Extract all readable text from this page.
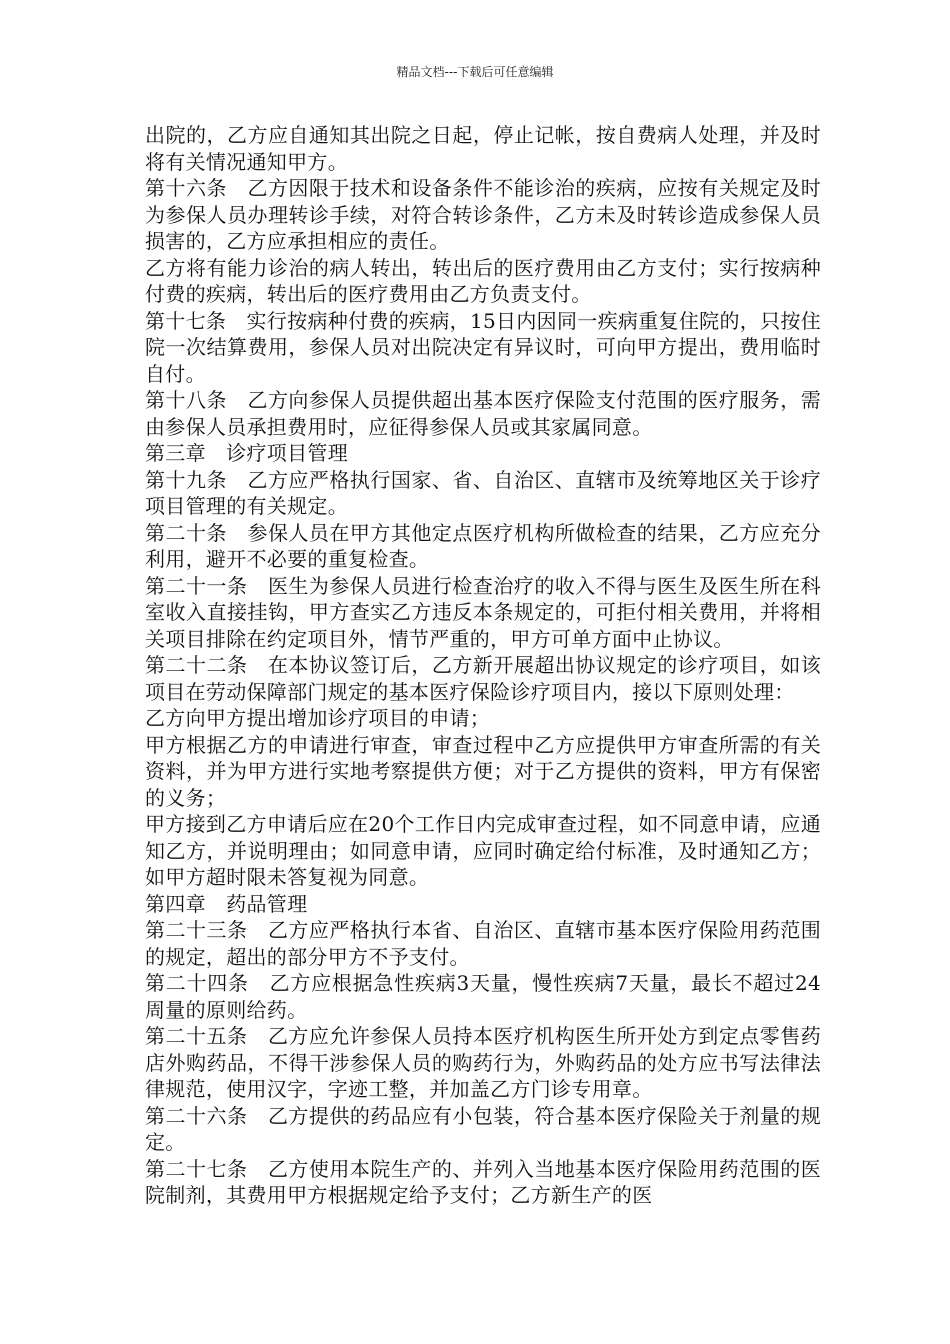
精品文档---下载后可任意编辑

出院的，乙方应自通知其出院之日起，停止记帐，按自费病人处理，并及时将有关情况通知甲方。

第十六条　乙方因限于技术和设备条件不能诊治的疾病，应按有关规定及时为参保人员办理转诊手续，对符合转诊条件，乙方未及时转诊造成参保人员损害的，乙方应承担相应的责任。

乙方将有能力诊治的病人转出，转出后的医疗费用由乙方支付；实行按病种付费的疾病，转出后的医疗费用由乙方负责支付。

第十七条　实行按病种付费的疾病，15日内因同一疾病重复住院的，只按住院一次结算费用，参保人员对出院决定有异议时，可向甲方提出，费用临时自付。

第十八条　乙方向参保人员提供超出基本医疗保险支付范围的医疗服务，需由参保人员承担费用时，应征得参保人员或其家属同意。

第三章　诊疗项目管理

第十九条　乙方应严格执行国家、省、自治区、直辖市及统筹地区关于诊疗项目管理的有关规定。

第二十条　参保人员在甲方其他定点医疗机构所做检查的结果，乙方应充分利用，避开不必要的重复检查。

第二十一条　医生为参保人员进行检查治疗的收入不得与医生及医生所在科室收入直接挂钩，甲方查实乙方违反本条规定的，可拒付相关费用，并将相关项目排除在约定项目外，情节严重的，甲方可单方面中止协议。

第二十二条　在本协议签订后，乙方新开展超出协议规定的诊疗项目，如该项目在劳动保障部门规定的基本医疗保险诊疗项目内，接以下原则处理：

乙方向甲方提出增加诊疗项目的申请；

甲方根据乙方的申请进行审查，审查过程中乙方应提供甲方审查所需的有关资料，并为甲方进行实地考察提供方便；对于乙方提供的资料，甲方有保密的义务；

甲方接到乙方申请后应在20个工作日内完成审查过程，如不同意申请，应通知乙方，并说明理由；如同意申请，应同时确定给付标准，及时通知乙方；如甲方超时限未答复视为同意。

第四章　药品管理

第二十三条　乙方应严格执行本省、自治区、直辖市基本医疗保险用药范围的规定，超出的部分甲方不予支付。

第二十四条　乙方应根据急性疾病3天量，慢性疾病7天量，最长不超过24周量的原则给药。

第二十五条　乙方应允许参保人员持本医疗机构医生所开处方到定点零售药店外购药品，不得干涉参保人员的购药行为，外购药品的处方应书写法律法律规范，使用汉字，字迹工整，并加盖乙方门诊专用章。

第二十六条　乙方提供的药品应有小包装，符合基本医疗保险关于剂量的规定。

第二十七条　乙方使用本院生产的、并列入当地基本医疗保险用药范围的医院制剂，其费用甲方根据规定给予支付；乙方新生产的医
